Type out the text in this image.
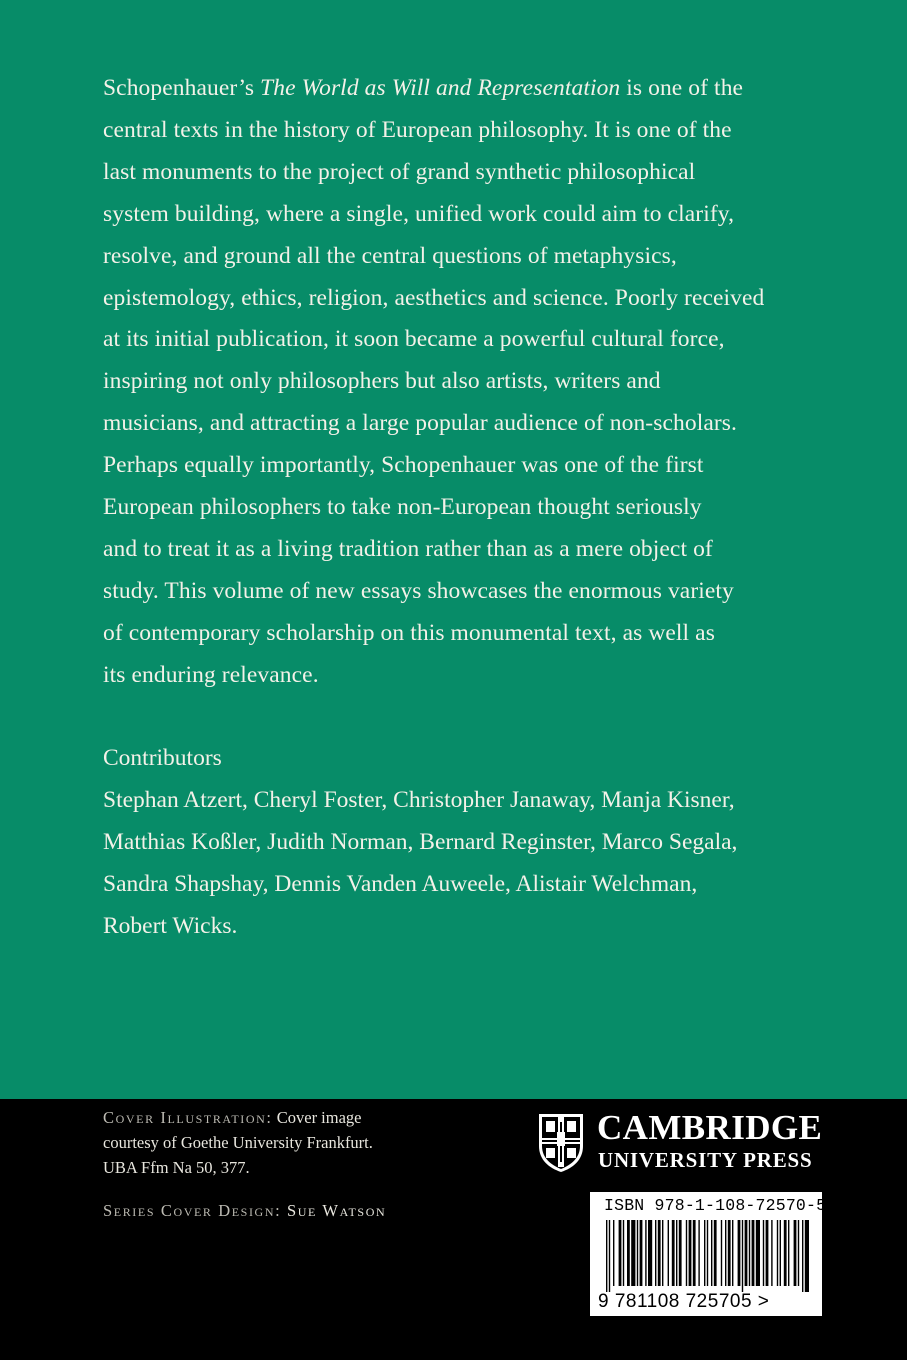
Schopenhauer’s The World as Will and Representation is one of the

central texts in the history of European philosophy. It is one of the

last monuments to the project of grand synthetic philosophical

system building, where a single, unified work could aim to clarify,

resolve, and ground all the central questions of metaphysics,

epistemology, ethics, religion, aesthetics and science. Poorly received

at its initial publication, it soon became a powerful cultural force,

inspiring not only philosophers but also artists, writers and

musicians, and attracting a large popular audience of non-scholars.

Perhaps equally importantly, Schopenhauer was one of the first

European philosophers to take non-European thought seriously

and to treat it as a living tradition rather than as a mere object of

study. This volume of new essays showcases the enormous variety

of contemporary scholarship on this monumental text, as well as

its enduring relevance.

Contributors

Stephan Atzert, Cheryl Foster, Christopher Janaway, Manja Kisner,

Matthias Koßler, Judith Norman, Bernard Reginster, Marco Segala,

Sandra Shapshay, Dennis Vanden Auweele, Alistair Welchman,

Robert Wicks.

Cover Illustration: Cover image
courtesy of Goethe University Frankfurt.
UBA Ffm Na 50, 377.
Series Cover Design: Sue Watson
CAMBRIDGE
UNIVERSITY PRESS
ISBN 978-1-108-72570-5
9 781108 725705 >
